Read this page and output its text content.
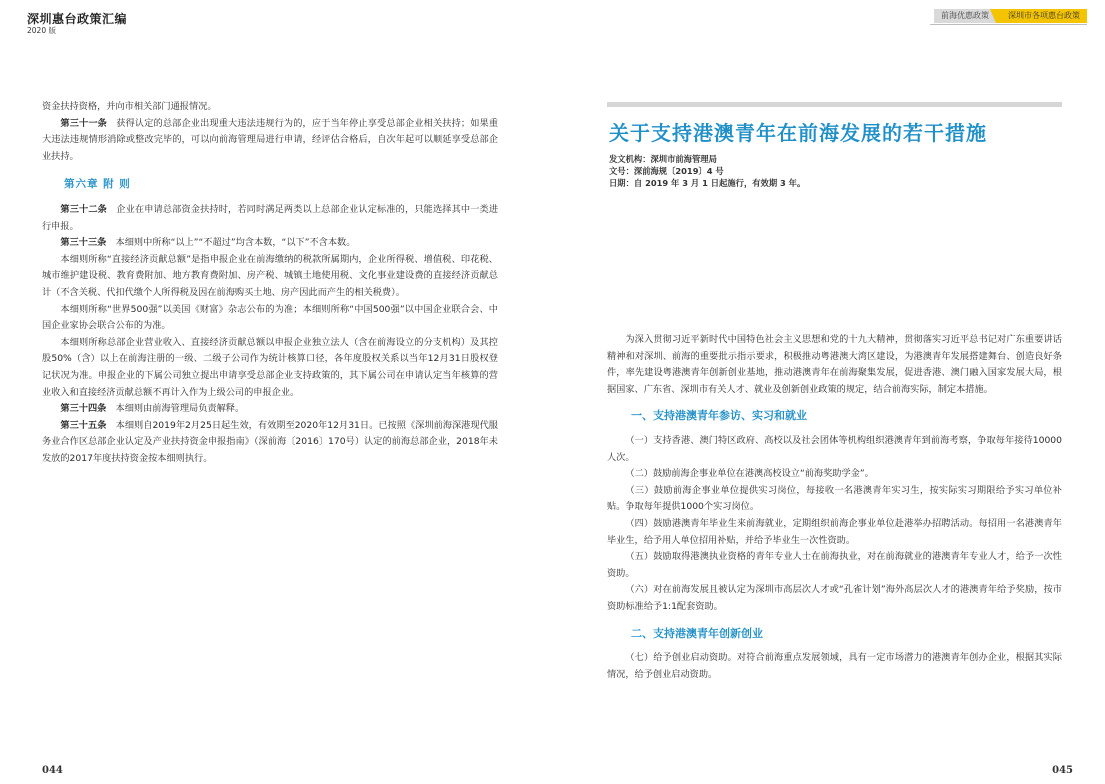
深圳惠台政策汇编
2020 版

资金扶持资格，并向市相关部门通报情况。

第三十一条　获得认定的总部企业出现重大违法违规行为的，应于当年停止享受总部企业相关扶持；如果重大违法违规情形消除或整改完毕的，可以向前海管理局进行申请，经评估合格后，自次年起可以顺延享受总部企业扶持。

第六章 附 则

第三十二条　企业在申请总部资金扶持时，若同时满足两类以上总部企业认定标准的，只能选择其中一类进行申报。

第三十三条　本细则中所称“以上”“不超过”均含本数，“以下”不含本数。

本细则所称“直接经济贡献总额”是指申报企业在前海缴纳的税款所属期内，企业所得税、增值税、印花税、城市维护建设税、教育费附加、地方教育费附加、房产税、城镇土地使用税、文化事业建设费的直接经济贡献总计（不含关税、代扣代缴个人所得税及因在前海购买土地、房产因此而产生的相关税费）。

本细则所称“世界500强”以美国《财富》杂志公布的为准；本细则所称“中国500强”以中国企业联合会、中国企业家协会联合公布的为准。

本细则所称总部企业营业收入、直接经济贡献总额以申报企业独立法人（含在前海设立的分支机构）及其控股50%（含）以上在前海注册的一级、二级子公司作为统计核算口径，各年度股权关系以当年12月31日股权登记状况为准。申报企业的下属公司独立提出申请享受总部企业支持政策的，其下属公司在申请认定当年核算的营业收入和直接经济贡献总额不再计入作为上级公司的申报企业。

第三十四条　本细则由前海管理局负责解释。

第三十五条　本细则自2019年2月25日起生效，有效期至2020年12月31日。已按照《深圳前海深港现代服务业合作区总部企业认定及产业扶持资金申报指南》（深前海〔2016〕170号）认定的前海总部企业，2018年未发放的2017年度扶持资金按本细则执行。

044
前海优惠政策	深圳市各项惠台政策
关于支持港澳青年在前海发展的若干措施
发文机构：深圳市前海管理局
文号：深前海规〔2019〕4 号
日期：自 2019 年 3 月 1 日起施行，有效期 3 年。

为深入贯彻习近平新时代中国特色社会主义思想和党的十九大精神，贯彻落实习近平总书记对广东重要讲话精神和对深圳、前海的重要批示指示要求，积极推动粤港澳大湾区建设，为港澳青年发展搭建舞台、创造良好条件，率先建设粤港澳青年创新创业基地，推动港澳青年在前海聚集发展，促进香港、澳门融入国家发展大局，根据国家、广东省、深圳市有关人才、就业及创新创业政策的规定，结合前海实际，制定本措施。

一、支持港澳青年参访、实习和就业

（一）支持香港、澳门特区政府、高校以及社会团体等机构组织港澳青年到前海考察，争取每年接待10000人次。

（二）鼓励前海企事业单位在港澳高校设立“前海奖助学金”。

（三）鼓励前海企事业单位提供实习岗位，每接收一名港澳青年实习生，按实际实习期限给予实习单位补贴。争取每年提供1000个实习岗位。

（四）鼓励港澳青年毕业生来前海就业，定期组织前海企事业单位赴港举办招聘活动。每招用一名港澳青年毕业生，给予用人单位招用补贴，并给予毕业生一次性资助。

（五）鼓励取得港澳执业资格的青年专业人士在前海执业，对在前海就业的港澳青年专业人才，给予一次性资助。

（六）对在前海发展且被认定为深圳市高层次人才或“孔雀计划”海外高层次人才的港澳青年给予奖励，按市资助标准给予1:1配套资助。

二、支持港澳青年创新创业

（七）给予创业启动资助。对符合前海重点发展领域，具有一定市场潜力的港澳青年创办企业，根据其实际情况，给予创业启动资助。

045
